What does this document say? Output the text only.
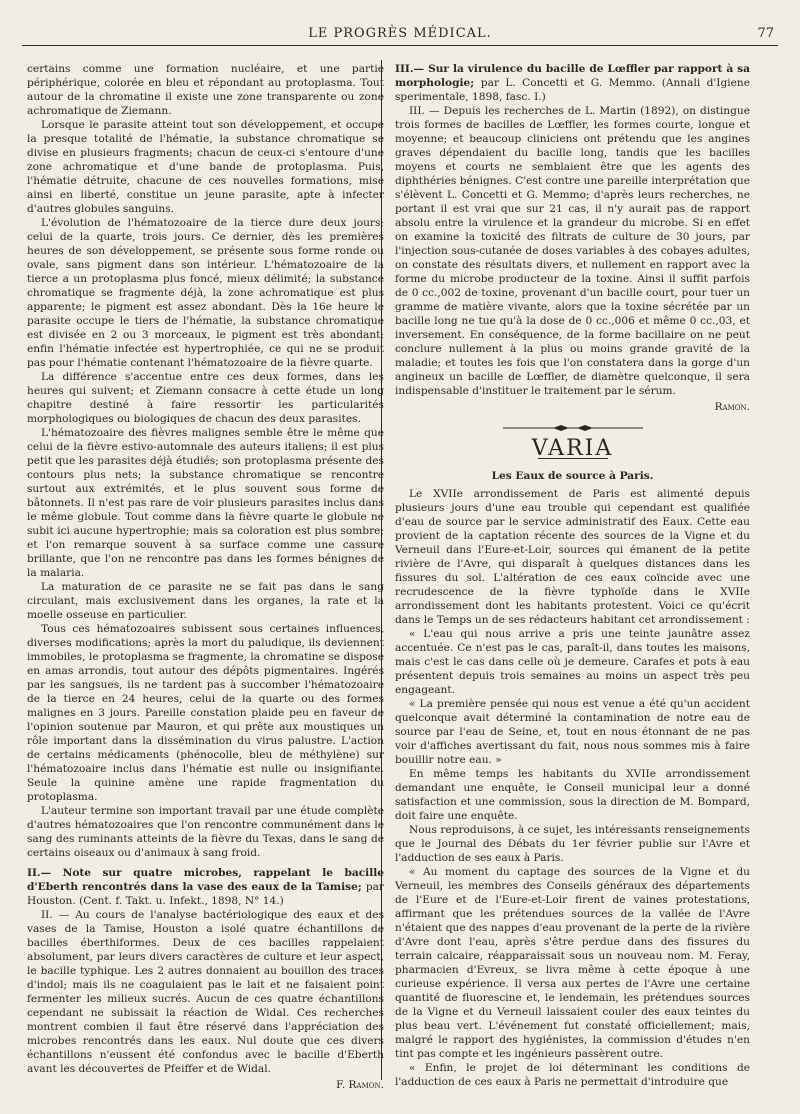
LE PROGRÈS MÉDICAL.	77

certains comme une formation nucléaire, et une partie périphérique, colorée en bleu et répondant au protoplasma. Tout autour de la chromatine il existe une zone transparente ou zone achromatique de Ziemann.

Lorsque le parasite atteint tout son développement, et occupe la presque totalité de l'hématie, la substance chromatique se divise en plusieurs fragments; chacun de ceux-ci s'entoure d'une zone achromatique et d'une bande de protoplasma. Puis, l'hématie détruite, chacune de ces nouvelles formations, mise ainsi en liberté, constitue un jeune parasite, apte à infecter d'autres globules sanguins.

L'évolution de l'hématozoaire de la tierce dure deux jours; celui de la quarte, trois jours. Ce dernier, dès les premières heures de son développement, se présente sous forme ronde ou ovale, sans pigment dans son intérieur. L'hématozoaire de la tierce a un protoplasma plus foncé, mieux délimité; la substance chromatique se fragmente déjà, la zone achromatique est plus apparente; le pigment est assez abondant. Dès la 16e heure le parasite occupe le tiers de l'hématie, la substance chromatique est divisée en 2 ou 3 morceaux, le pigment est très abondant; enfin l'hématie infectée est hypertrophiée, ce qui ne se produit pas pour l'hématie contenant l'hématozoaire de la fièvre quarte.

La différence s'accentue entre ces deux formes, dans les heures qui suivent; et Ziemann consacre à cette étude un long chapitre destiné à faire ressortir les particularités morphologiques ou biologiques de chacun des deux parasites.

L'hématozoaire des fièvres malignes semble être le même que celui de la fièvre estivo-automnale des auteurs italiens; il est plus petit que les parasites déjà étudiés; son protoplasma présente des contours plus nets; la substance chromatique se rencontre surtout aux extrémités, et le plus souvent sous forme de bâtonnets. Il n'est pas rare de voir plusieurs parasites inclus dans le même globule. Tout comme dans la fièvre quarte le globule ne subit ici aucune hypertrophie; mais sa coloration est plus sombre; et l'on remarque souvent à sa surface comme une cassure brillante, que l'on ne rencontre pas dans les formes bénignes de la malaria.

La maturation de ce parasite ne se fait pas dans le sang circulant, mais exclusivement dans les organes, la rate et la moelle osseuse en particulier.

Tous ces hématozoaires subissent sous certaines influences, diverses modifications; après la mort du paludique, ils deviennent immobiles, le protoplasma se fragmente, la chromatine se dispose en amas arrondis, tout autour des dépôts pigmentaires. Ingérés par les sangsues, ils ne tardent pas à succomber l'hématozoaire de la tierce en 24 heures, celui de la quarte ou des formes malignes en 3 jours. Pareille constation plaide peu en faveur de l'opinion soutenue par Mauron, et qui prête aux moustiques un rôle important dans la dissémination du virus palustre. L'action de certains médicaments (phénocolle, bleu de méthylène) sur l'hématozoaire inclus dans l'hématie est nulle ou insignifiante. Seule la quinine amène une rapide fragmentation du protoplasma.

L'auteur termine son important travail par une étude complète d'autres hématozoaires que l'on rencontre communément dans le sang des ruminants atteints de la fièvre du Texas, dans le sang de certains oiseaux ou d'animaux à sang froid.

II.— Note sur quatre microbes, rappelant le bacille d'Eberth rencontrés dans la vase des eaux de la Tamise; par Houston. (Cent. f. Takt. u. Infekt., 1898, N° 14.)

II. — Au cours de l'analyse bactériologique des eaux et des vases de la Tamise, Houston a isolé quatre échantillons de bacilles éberthiformes. Deux de ces bacilles rappelaient absolument, par leurs divers caractères de culture et leur aspect, le bacille typhique. Les 2 autres donnaient au bouillon des traces d'indol; mais ils ne coagulaient pas le lait et ne faisaient point fermenter les milieux sucrés. Aucun de ces quatre échantillons cependant ne subissait la réaction de Widal. Ces recherches montrent combien il faut être réservé dans l'appréciation des microbes rencontrés dans les eaux. Nul doute que ces divers échantillons n'eussent été confondus avec le bacille d'Eberth avant les découvertes de Pfeiffer et de Widal.

F. Ramon.

III.— Sur la virulence du bacille de Lœffler par rapport à sa morphologie; par L. Concetti et G. Memmo. (Annali d'Igiene sperimentale, 1898, fasc. I.)

III. — Depuis les recherches de L. Martin (1892), on distingue trois formes de bacilles de Lœffler, les formes courte, longue et moyenne; et beaucoup cliniciens ont prétendu que les angines graves dépendaient du bacille long, tandis que les bacilles moyens et courts ne semblaient être que les agents des diphthéries bénignes. C'est contre une pareille interprétation que s'élèvent L. Concetti et G. Memmo; d'après leurs recherches, ne portant il est vrai que sur 21 cas, il n'y aurait pas de rapport absolu entre la virulence et la grandeur du microbe. Si en effet on examine la toxicité des filtrats de culture de 30 jours, par l'injection sous-cutanée de doses variables à des cobayes adultes, on constate des résultats divers, et nullement en rapport avec la forme du microbe producteur de la toxine. Ainsi il suffit parfois de 0 cc.,002 de toxine, provenant d'un bacille court, pour tuer un gramme de matière vivante, alors que la toxine sécrétée par un bacille long ne tue qu'à la dose de 0 cc.,006 et même 0 cc.,03, et inversement. En conséquence, de la forme bacillaire on ne peut conclure nullement à la plus ou moins grande gravité de la maladie; et toutes les fois que l'on constatera dans la gorge d'un angineux un bacille de Lœffler, de diamètre quelconque, il sera indispensable d'instituer le traitement par le sérum.

Ramon.
VARIA
Les Eaux de source à Paris.

Le XVIIe arrondissement de Paris est alimenté depuis plusieurs jours d'une eau trouble qui cependant est qualifiée d'eau de source par le service administratif des Eaux. Cette eau provient de la captation récente des sources de la Vigne et du Verneuil dans l'Eure-et-Loir, sources qui émanent de la petite rivière de l'Avre, qui disparaît à quelques distances dans les fissures du sol. L'altération de ces eaux coïncide avec une recrudescence de la fièvre typhoïde dans le XVIIe arrondissement dont les habitants protestent. Voici ce qu'écrit dans le Temps un de ses rédacteurs habitant cet arrondissement :

« L'eau qui nous arrive a pris une teinte jaunâtre assez accentuée. Ce n'est pas le cas, paraît-il, dans toutes les maisons, mais c'est le cas dans celle où je demeure. Carafes et pots à eau présentent depuis trois semaines au moins un aspect très peu engageant.

« La première pensée qui nous est venue a été qu'un accident quelconque avait déterminé la contamination de notre eau de source par l'eau de Seine, et, tout en nous étonnant de ne pas voir d'affiches avertissant du fait, nous nous sommes mis à faire bouillir notre eau. »

En même temps les habitants du XVIIe arrondissement demandant une enquête, le Conseil municipal leur a donné satisfaction et une commission, sous la direction de M. Bompard, doit faire une enquête.

Nous reproduisons, à ce sujet, les intéressants renseignements que le Journal des Débats du 1er février publie sur l'Avre et l'adduction de ses eaux à Paris.

« Au moment du captage des sources de la Vigne et du Verneuil, les membres des Conseils généraux des départements de l'Eure et de l'Eure-et-Loir firent de vaines protestations, affirmant que les prétendues sources de la vallée de l'Avre n'étaient que des nappes d'eau provenant de la perte de la rivière d'Avre dont l'eau, après s'être perdue dans des fissures du terrain calcaire, réapparaissait sous un nouveau nom. M. Feray, pharmacien d'Evreux, se livra même à cette époque à une curieuse expérience. Il versa aux pertes de l'Avre une certaine quantité de fluorescine et, le lendemain, les prétendues sources de la Vigne et du Verneuil laissaient couler des eaux teintes du plus beau vert. L'événement fut constaté officiellement; mais, malgré le rapport des hygiénistes, la commission d'études n'en tint pas compte et les ingénieurs passèrent outre.

« Enfin, le projet de loi déterminant les conditions de l'adduction de ces eaux à Paris ne permettait d'introduire que
